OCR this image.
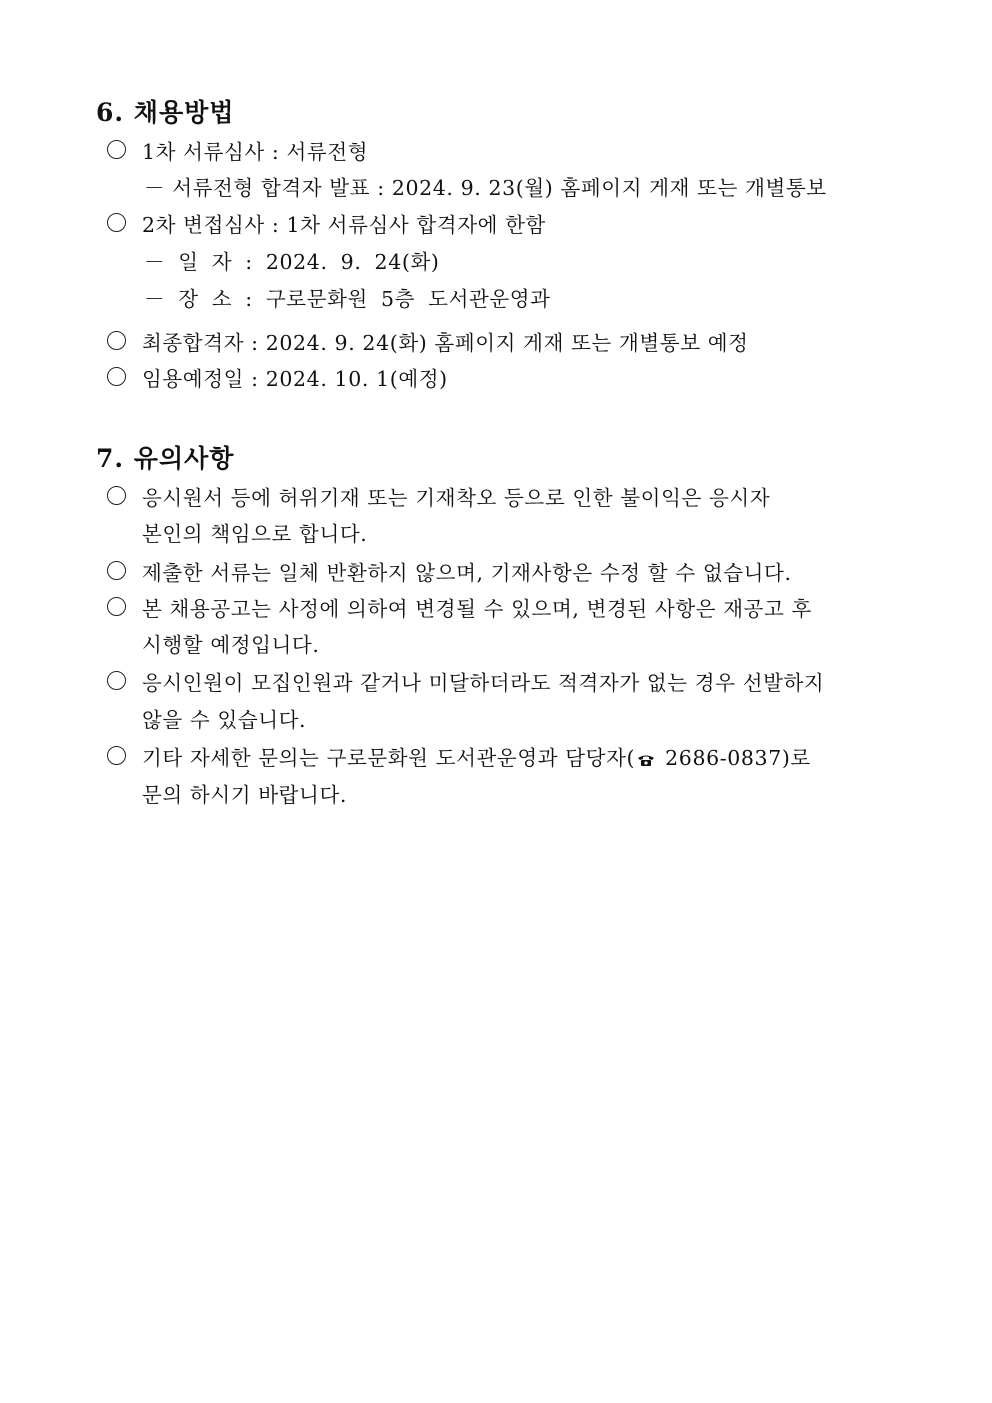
6. 채용방법
1차 서류심사 : 서류전형
－ 서류전형 합격자 발표 : 2024. 9. 23(월) 홈페이지 게재 또는 개별통보
2차 변접심사 : 1차 서류심사 합격자에 한함
－ 일 자 : 2024. 9. 24(화)
－ 장 소 : 구로문화원 5층 도서관운영과
최종합격자 : 2024. 9. 24(화) 홈페이지 게재 또는 개별통보 예정
임용예정일 : 2024. 10. 1(예정)
7. 유의사항
응시원서 등에 허위기재 또는 기재착오 등으로 인한 불이익은 응시자
본인의 책임으로 합니다.
제출한 서류는 일체 반환하지 않으며, 기재사항은 수정 할 수 없습니다.
본 채용공고는 사정에 의하여 변경될 수 있으며, 변경된 사항은 재공고 후
시행할 예정입니다.
응시인원이 모집인원과 같거나 미달하더라도 적격자가 없는 경우 선발하지
않을 수 있습니다.
기타 자세한 문의는 구로문화원 도서관운영과 담당자( 2686-0837)로
문의 하시기 바랍니다.
